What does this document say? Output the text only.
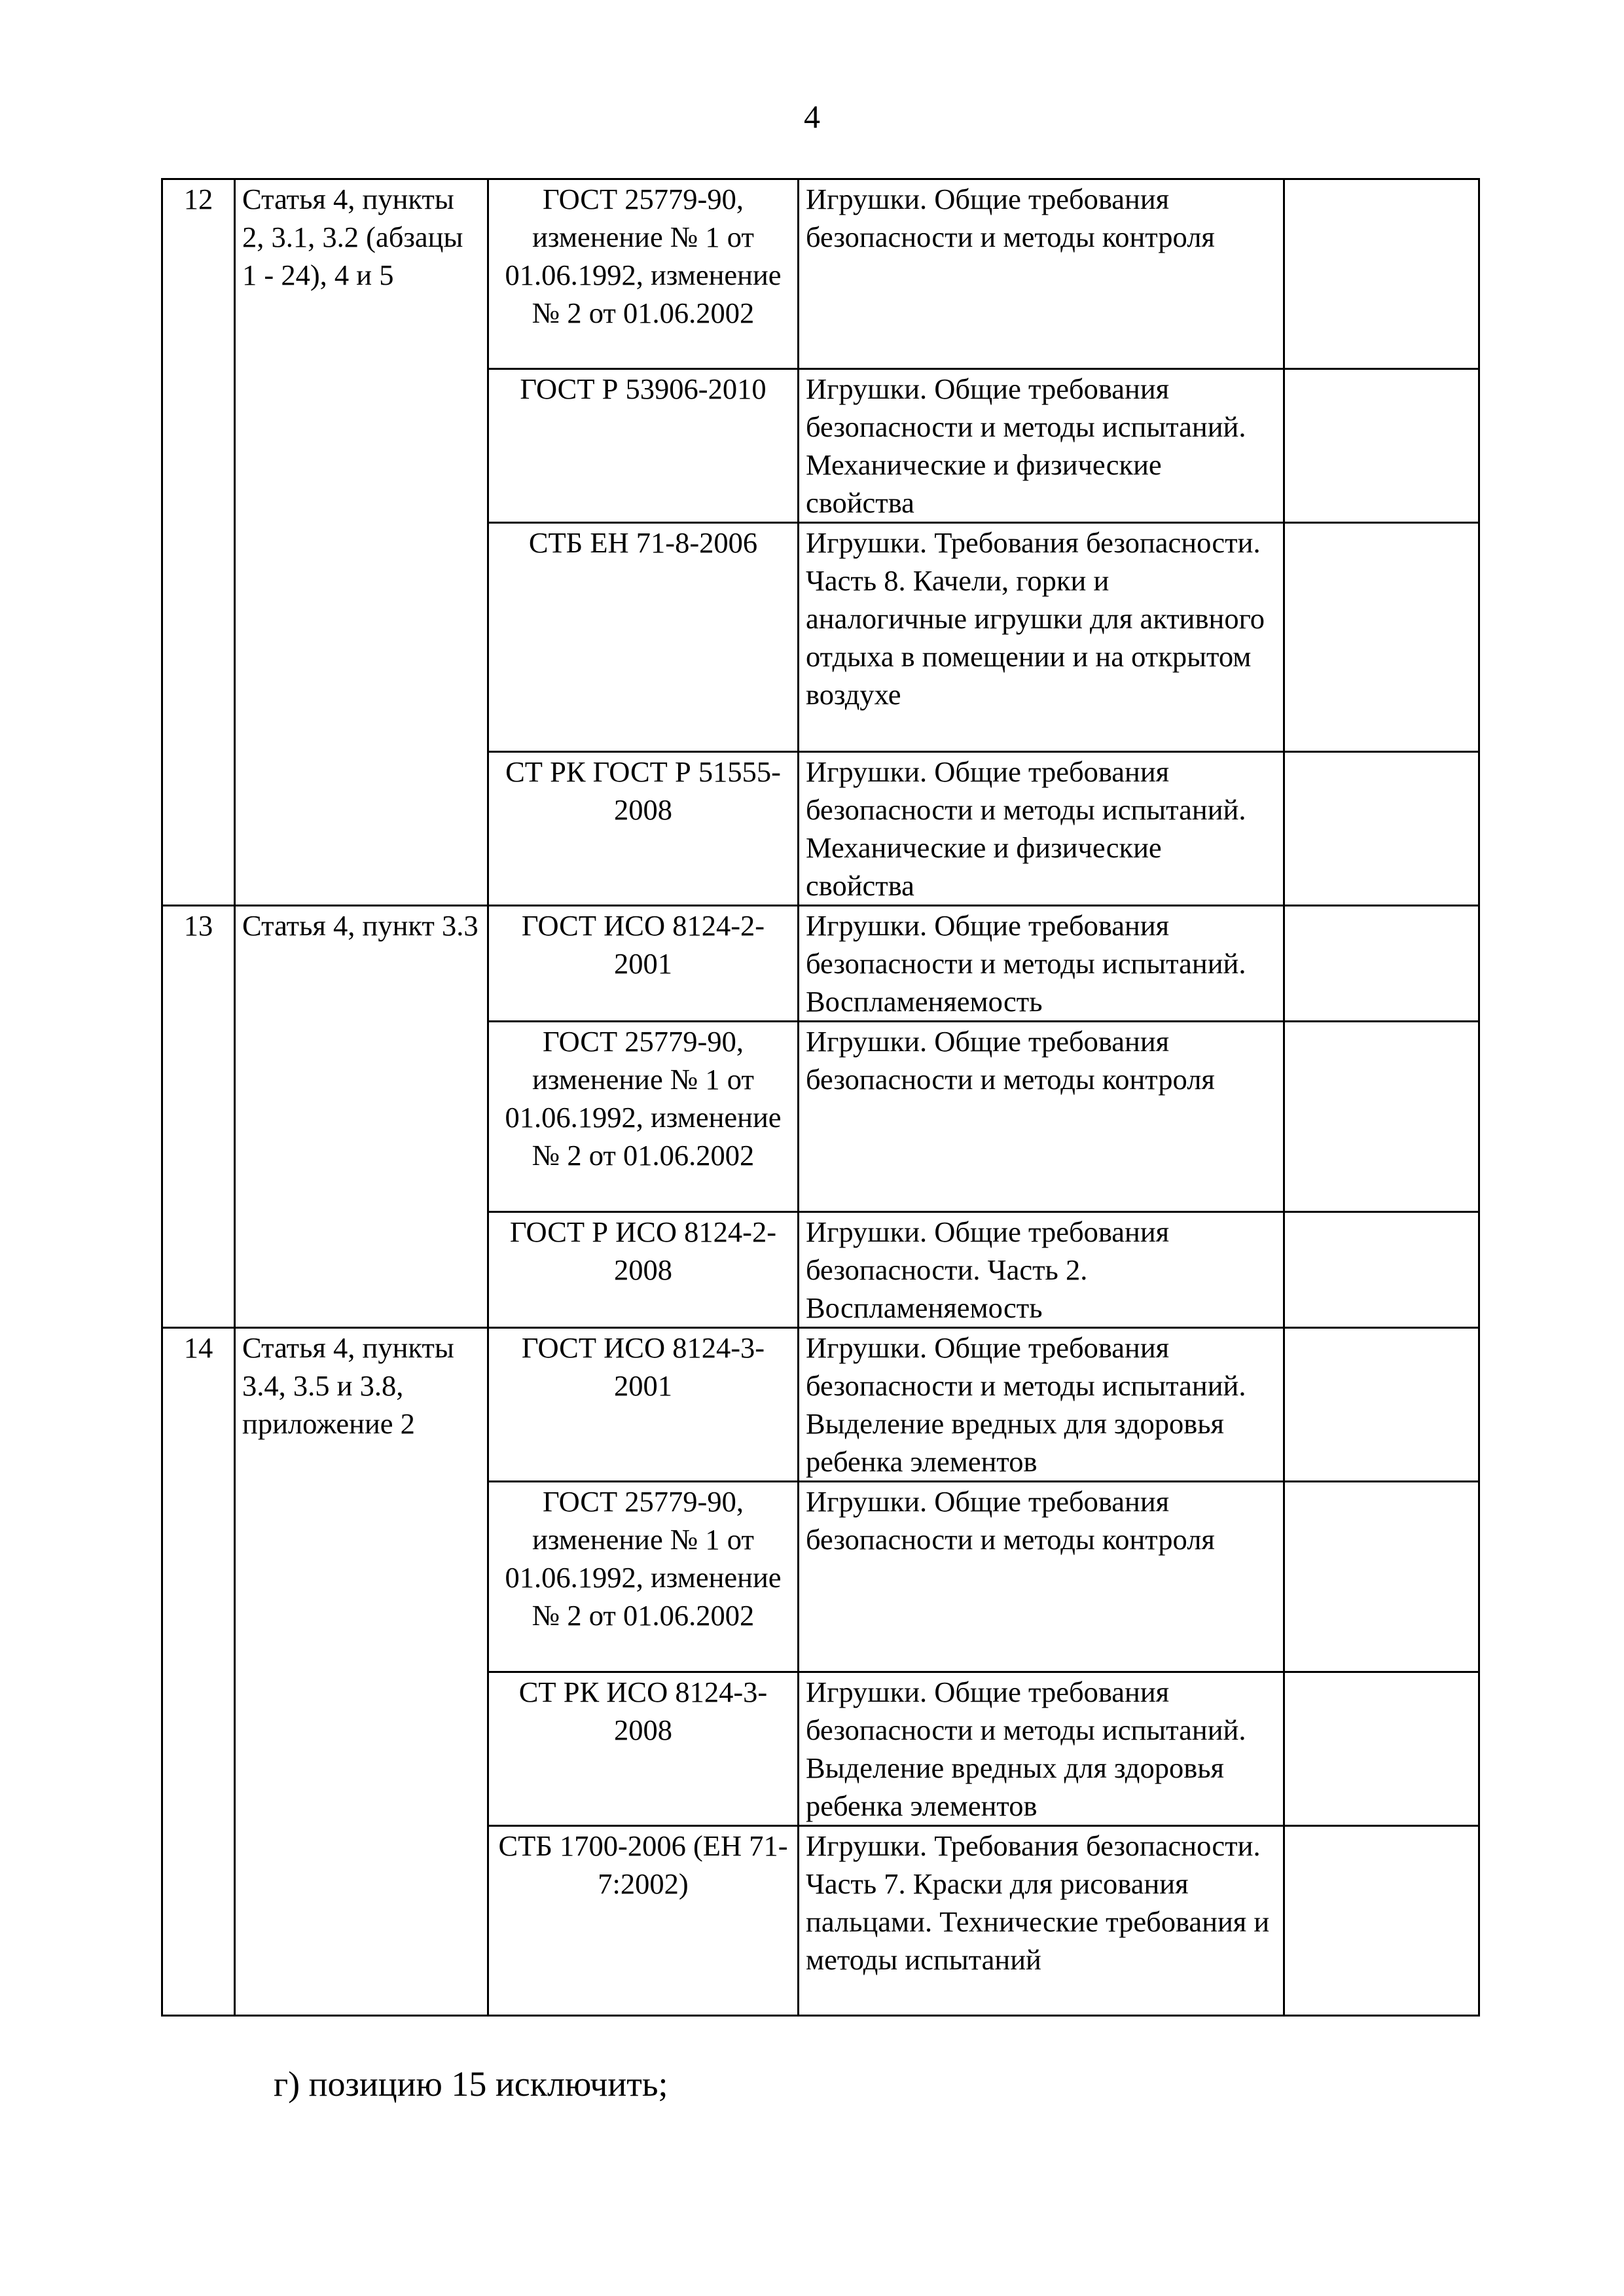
4
12	Статья 4, пункты 2, 3.1, 3.2 (абзацы 1 - 24), 4 и 5	ГОСТ 25779-90, изменение № 1 от 01.06.1992, изменение № 2 от 01.06.2002	Игрушки. Общие требования безопасности и методы контроля	
		ГОСТ Р 53906-2010	Игрушки. Общие требования безопасности и методы испытаний. Механические и физические свойства	
		СТБ ЕН 71-8-2006	Игрушки. Требования безопасности. Часть 8. Качели, горки и аналогичные игрушки для активного отдыха в помещении и на открытом воздухе	
		СТ РК ГОСТ Р 51555-2008	Игрушки. Общие требования безопасности и методы испытаний. Механические и физические свойства	
13	Статья 4, пункт 3.3	ГОСТ ИСО 8124-2-2001	Игрушки. Общие требования безопасности и методы испытаний. Воспламеняемость	
		ГОСТ 25779-90, изменение № 1 от 01.06.1992, изменение № 2 от 01.06.2002	Игрушки. Общие требования безопасности и методы контроля	
		ГОСТ Р ИСО 8124-2-2008	Игрушки. Общие требования безопасности. Часть 2. Воспламеняемость	
14	Статья 4, пункты 3.4, 3.5 и 3.8, приложение 2	ГОСТ ИСО 8124-3-2001	Игрушки. Общие требования безопасности и методы испытаний. Выделение вредных для здоровья ребенка элементов	
		ГОСТ 25779-90, изменение № 1 от 01.06.1992, изменение № 2 от 01.06.2002	Игрушки. Общие требования безопасности и методы контроля	
		СТ РК ИСО 8124-3-2008	Игрушки. Общие требования безопасности и методы испытаний. Выделение вредных для здоровья ребенка элементов	
		СТБ 1700-2006 (ЕН 71-7:2002)	Игрушки. Требования безопасности. Часть 7. Краски для рисования пальцами. Технические требования и методы испытаний	
г) позицию 15 исключить;
